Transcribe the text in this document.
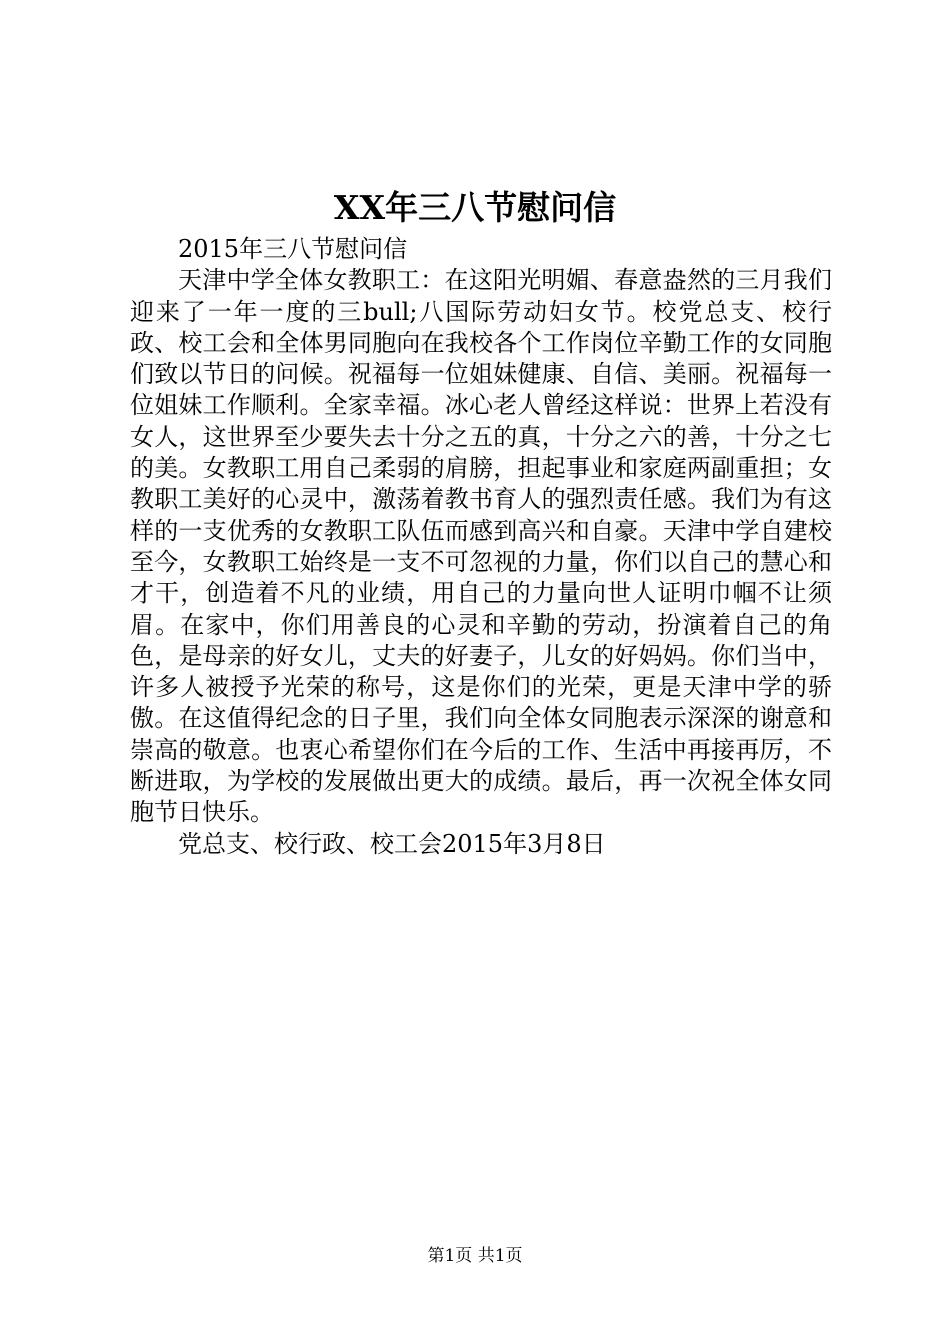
XX年三八节慰问信

2015年三八节慰问信

天津中学全体女教职工：在这阳光明媚、春意盎然的三月我们迎来了一年一度的三bull;八国际劳动妇女节。校党总支、校行政、校工会和全体男同胞向在我校各个工作岗位辛勤工作的女同胞们致以节日的问候。祝福每一位姐妹健康、自信、美丽。祝福每一位姐妹工作顺利。全家幸福。冰心老人曾经这样说：世界上若没有女人，这世界至少要失去十分之五的真，十分之六的善，十分之七的美。女教职工用自己柔弱的肩膀，担起事业和家庭两副重担；女教职工美好的心灵中，激荡着教书育人的强烈责任感。我们为有这样的一支优秀的女教职工队伍而感到高兴和自豪。天津中学自建校至今，女教职工始终是一支不可忽视的力量，你们以自己的慧心和才干，创造着不凡的业绩，用自己的力量向世人证明巾帼不让须眉。在家中，你们用善良的心灵和辛勤的劳动，扮演着自己的角色，是母亲的好女儿，丈夫的好妻子，儿女的好妈妈。你们当中，许多人被授予光荣的称号，这是你们的光荣，更是天津中学的骄傲。在这值得纪念的日子里，我们向全体女同胞表示深深的谢意和崇高的敬意。也衷心希望你们在今后的工作、生活中再接再厉，不断进取，为学校的发展做出更大的成绩。最后，再一次祝全体女同胞节日快乐。

党总支、校行政、校工会2015年3月8日

第1页 共1页
